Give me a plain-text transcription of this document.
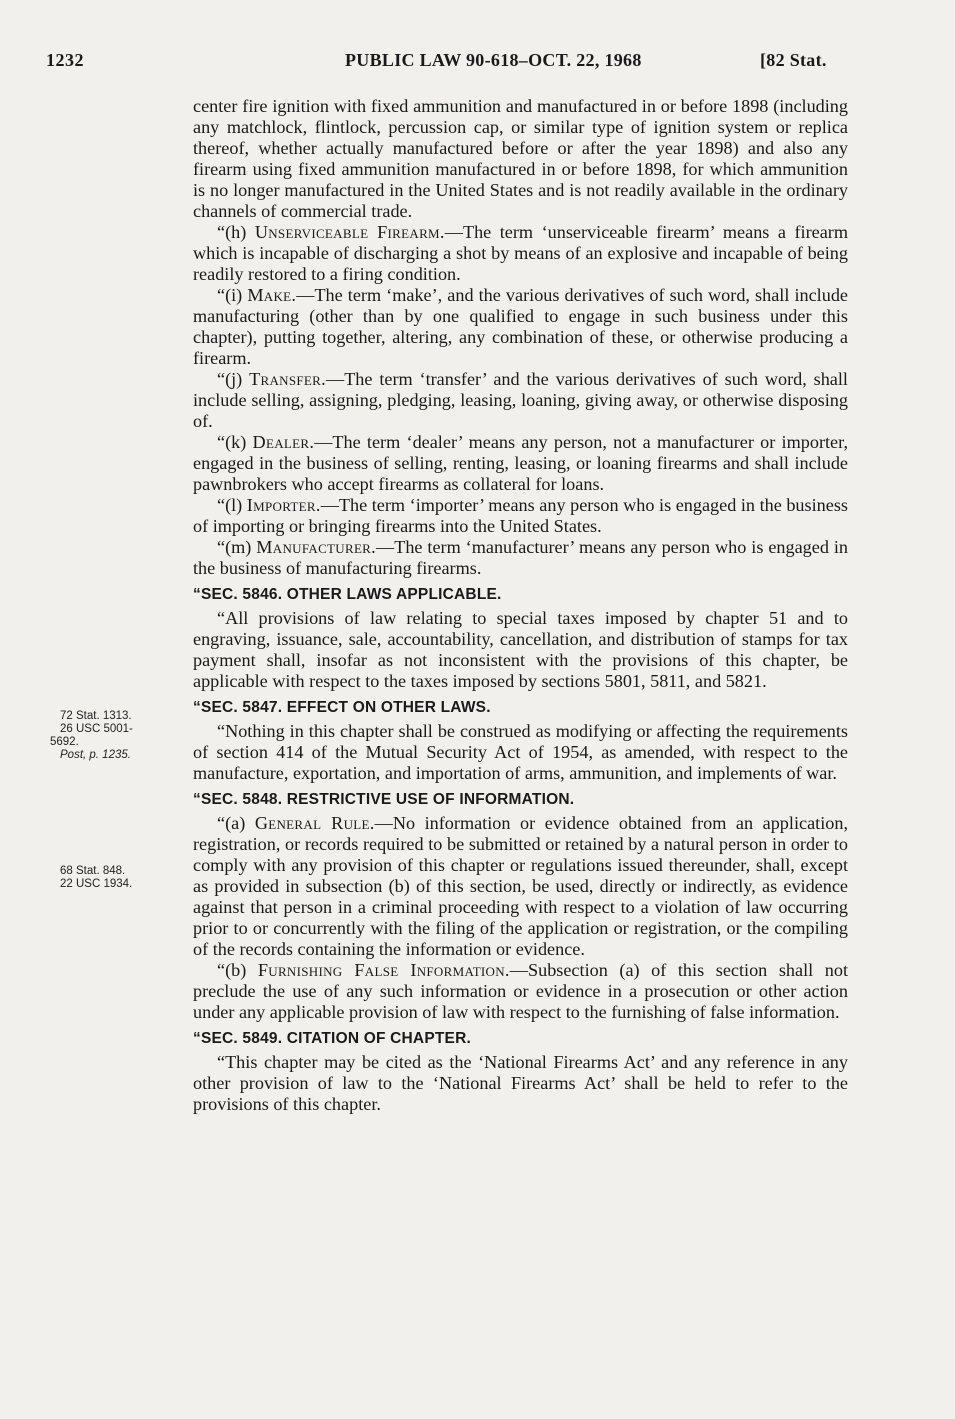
1232	PUBLIC LAW 90-618–OCT. 22, 1968	[82 Stat.
72 Stat. 1313.
26 USC 5001-
5692.
Post, p. 1235.
68 Stat. 848.
22 USC 1934.

center fire ignition with fixed ammunition and manufactured in or before 1898 (including any matchlock, flintlock, percussion cap, or similar type of ignition system or replica thereof, whether actually manufactured before or after the year 1898) and also any firearm using fixed ammunition manufactured in or before 1898, for which ammunition is no longer manufactured in the United States and is not readily available in the ordinary channels of commercial trade.

“(h) Unserviceable Firearm.—The term ‘unserviceable firearm’ means a firearm which is incapable of discharging a shot by means of an explosive and incapable of being readily restored to a firing condition.

“(i) Make.—The term ‘make’, and the various derivatives of such word, shall include manufacturing (other than by one qualified to engage in such business under this chapter), putting together, altering, any combination of these, or otherwise producing a firearm.

“(j) Transfer.—The term ‘transfer’ and the various derivatives of such word, shall include selling, assigning, pledging, leasing, loaning, giving away, or otherwise disposing of.

“(k) Dealer.—The term ‘dealer’ means any person, not a manufacturer or importer, engaged in the business of selling, renting, leasing, or loaning firearms and shall include pawnbrokers who accept firearms as collateral for loans.

“(l) Importer.—The term ‘importer’ means any person who is engaged in the business of importing or bringing firearms into the United States.

“(m) Manufacturer.—The term ‘manufacturer’ means any person who is engaged in the business of manufacturing firearms.

“SEC. 5846. OTHER LAWS APPLICABLE.

“All provisions of law relating to special taxes imposed by chapter 51 and to engraving, issuance, sale, accountability, cancellation, and distribution of stamps for tax payment shall, insofar as not inconsistent with the provisions of this chapter, be applicable with respect to the taxes imposed by sections 5801, 5811, and 5821.

“SEC. 5847. EFFECT ON OTHER LAWS.

“Nothing in this chapter shall be construed as modifying or affecting the requirements of section 414 of the Mutual Security Act of 1954, as amended, with respect to the manufacture, exportation, and importation of arms, ammunition, and implements of war.

“SEC. 5848. RESTRICTIVE USE OF INFORMATION.

“(a) General Rule.—No information or evidence obtained from an application, registration, or records required to be submitted or retained by a natural person in order to comply with any provision of this chapter or regulations issued thereunder, shall, except as provided in subsection (b) of this section, be used, directly or indirectly, as evidence against that person in a criminal proceeding with respect to a violation of law occurring prior to or concurrently with the filing of the application or registration, or the compiling of the records containing the information or evidence.

“(b) Furnishing False Information.—Subsection (a) of this section shall not preclude the use of any such information or evidence in a prosecution or other action under any applicable provision of law with respect to the furnishing of false information.

“SEC. 5849. CITATION OF CHAPTER.

“This chapter may be cited as the ‘National Firearms Act’ and any reference in any other provision of law to the ‘National Firearms Act’ shall be held to refer to the provisions of this chapter.
